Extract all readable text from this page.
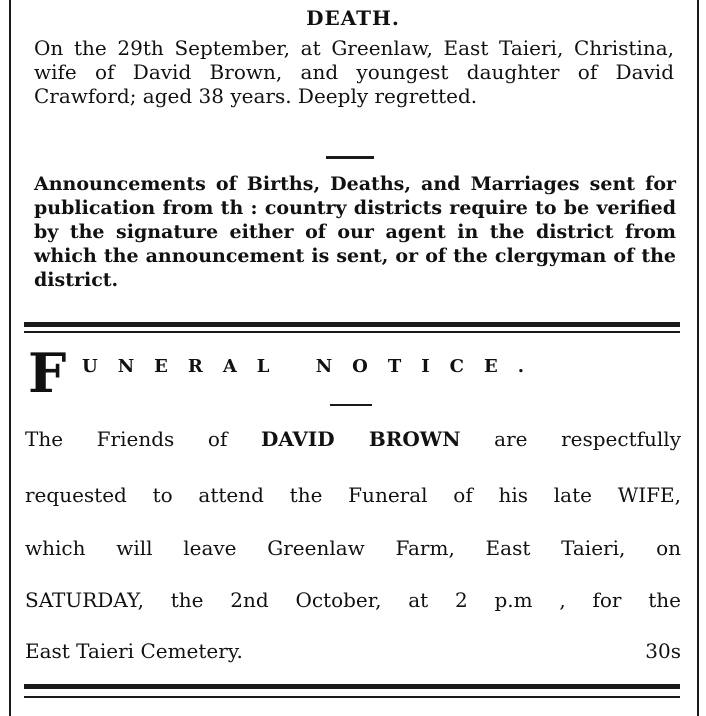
DEATH.

On the 29th September, at Greenlaw, East Taieri, Christina, wife of David Brown, and youngest daughter of David Crawford; aged 38 years. Deeply regretted.

Announcements of Births, Deaths, and Marriages sent for publication from th : country districts require to be verified by the signature either of our agent in the district from which the announcement is sent, or of the clergyman of the district.

F UNERAL NOTICE.

The Friends of DAVID BROWN are respectfully

requested to attend the Funeral of his late WIFE,

which will leave Greenlaw Farm, East Taieri, on

SATURDAY, the 2nd October, at 2 p.m , for the

East Taieri Cemetery.	30s
